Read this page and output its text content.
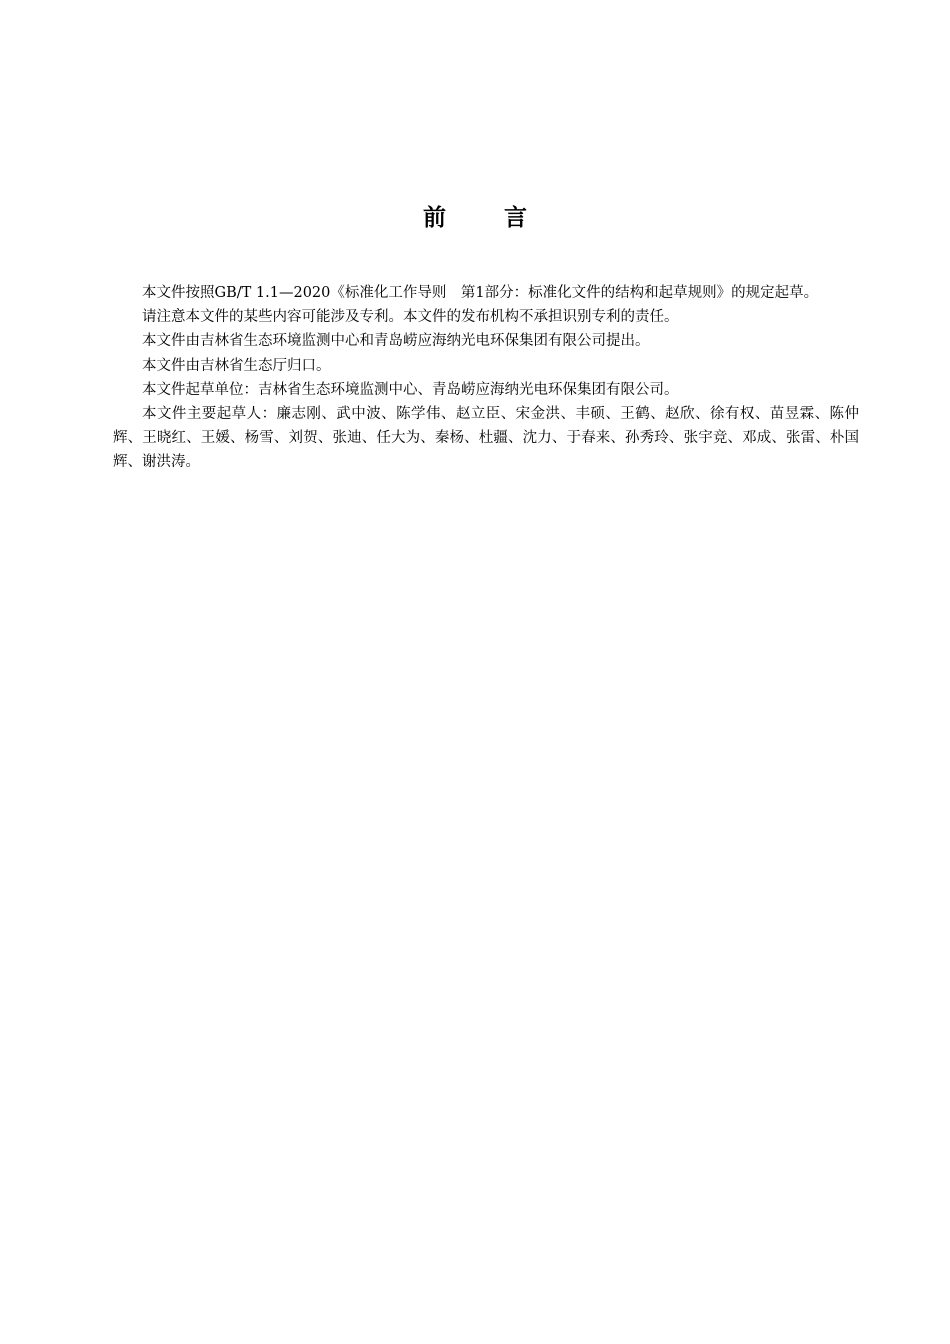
前	言

本文件按照GB/T 1.1—2020《标准化工作导则　第1部分：标准化文件的结构和起草规则》的规定起草。

请注意本文件的某些内容可能涉及专利。本文件的发布机构不承担识别专利的责任。

本文件由吉林省生态环境监测中心和青岛崂应海纳光电环保集团有限公司提出。

本文件由吉林省生态厅归口。

本文件起草单位：吉林省生态环境监测中心、青岛崂应海纳光电环保集团有限公司。

本文件主要起草人：廉志刚、武中波、陈学伟、赵立臣、宋金洪、丰硕、王鹤、赵欣、徐有权、苗昱霖、陈仲辉、王晓红、王媛、杨雪、刘贺、张迪、任大为、秦杨、杜疆、沈力、于春来、孙秀玲、张宇竞、邓成、张雷、朴国辉、谢洪涛。
